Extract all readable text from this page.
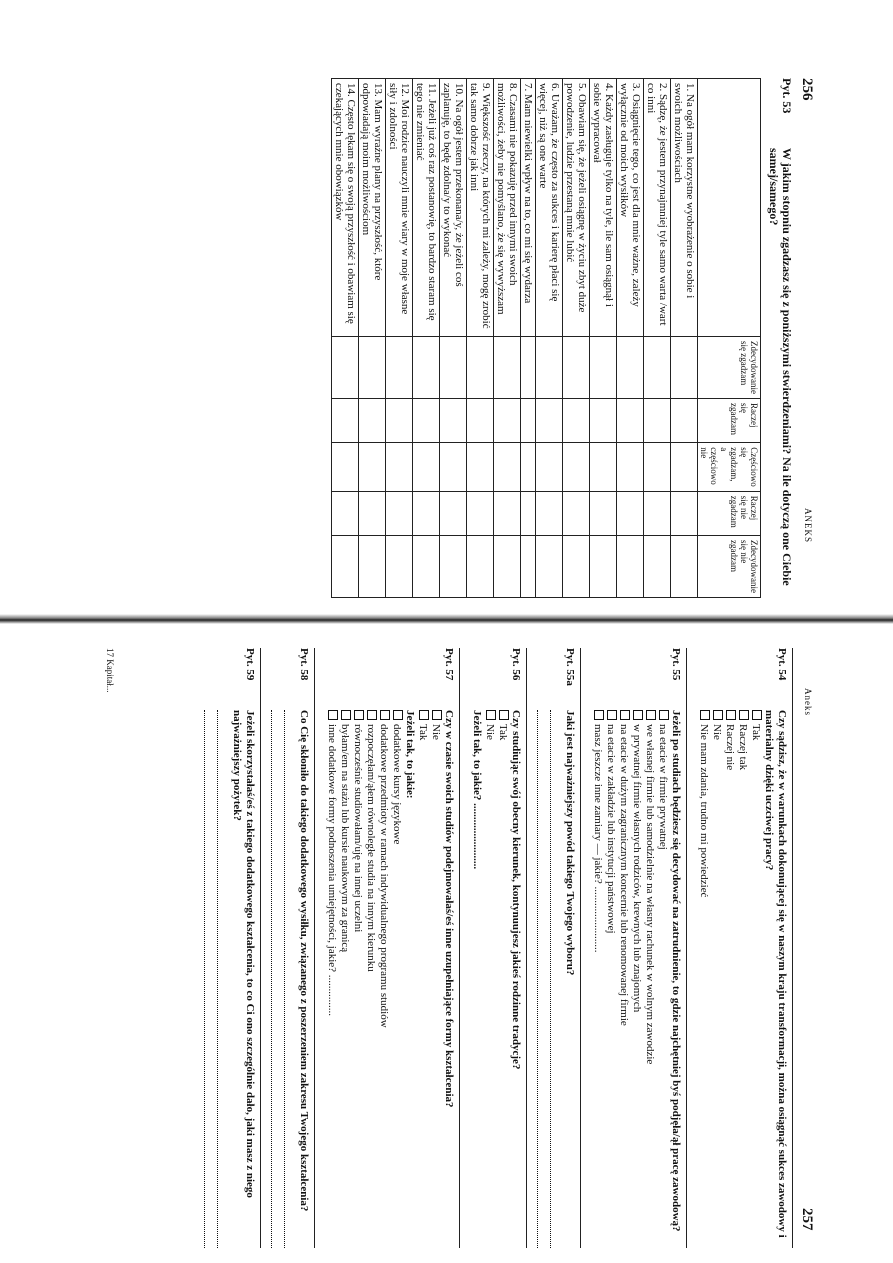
256
ANEKS
Pyt. 53
W jakim stopniu zgadzasz się z poniższymi stwierdzeniami? Na ile dotyczą one Ciebie samej/samego?
	Zdecydowanie się zgadzam	Raczej się zgadzam	Częściowo się zgadzam, a częściowo nie	Raczej się nie zgadzam	Zdecydowanie się nie zgadzam
1. Na ogół mam korzystne wyobrażenie o sobie i swoich możliwościach					
2. Sądzę, że jestem przynajmniej tyle samo warta /wart co inni					
3. Osiągnięcie tego, co jest dla mnie ważne, zależy wyłącznie od moich wysiłków					
4. Każdy zasługuje tylko na tyle, ile sam osiągnął i sobie wypracował					
5. Obawiam się, że jeżeli osiągnę w życiu zbyt duże powodzenie, ludzie przestaną mnie lubić					
6. Uważam, że często za sukces i karierę płaci się więcej, niż są one warte					
7. Mam niewielki wpływ na to, co mi się wydarza					
8. Czasami nie pokazuję przed innymi swoich możliwości, żeby nie pomyślano, że się wywyższam					
9. Większość rzeczy, na których mi zależy, mogę zrobić tak samo dobrze jak inni					
10. Na ogół jestem przekonana/y, że jeżeli coś zaplanuję, to będę zdolna/y to wykonać					
11. Jeżeli już coś raz postanowię, to bardzo staram się tego nie zmieniać					
12. Moi rodzice nauczyli mnie wiary w moje własne siły i zdolności					
13. Mam wyraźne plany na przyszłość, które odpowiadają moim możliwościom					
14. Często lękam się o swoją przyszłość i obawiam się czekających mnie obowiązków					
Aneks
257
Pyt. 54
Czy sądzisz, że w warunkach dokonującej się w naszym kraju transformacji, można osiągnąć sukces zawodowy i materialny dzięki uczciwej pracy?
Tak
Raczej tak
Raczej nie
Nie
Nie mam zdania, trudno mi powiedzieć
Pyt. 55
Jeżeli po studiach będziesz się decydować na zatrudnienie, to gdzie najchętniej byś podjęła/ął pracę zawodową?
na etacie w firmie prywatnej
we własnej firmie lub samodzielnie na własny rachunek w wolnym zawodzie
w prywatnej firmie własnych rodziców, krewnych lub znajomych
na etacie w dużym zagranicznym koncernie lub renomowanej firmie
na etacie w zakładzie lub instytucji państwowej
masz jeszcze inne zamiary — jakie? ........................
Pyt. 55a
Jaki jest najważniejszy powód takiego Twojego wyboru?
Pyt. 56
Czy studiując swój obecny kierunek, kontynuujesz jakieś rodzinne tradycje?
Tak
Nie
Jeżeli tak, to jakie? ........................
Pyt. 57
Czy w czasie swoich studiów podejmowałaś/eś inne uzupełniające formy kształcenia?
Nie
Tak
Jeżeli tak, to jakie:
dodatkowe kursy językowe
dodatkowe przedmioty w ramach indywidualnego programu studiów
rozpoczęłam/ąłem równoległe studia na innym kierunku
równocześnie studiowałam/uję na innej uczelni
byłam/em na stażu lub kursie naukowym za granicą
inne dodatkowe formy podnoszenia umiejętności, jakie? ...............
Pyt. 58
Co Cię skłoniło do takiego dodatkowego wysiłku, związanego z poszerzeniem zakresu Twojego kształcenia?
Pyt. 59
Jeżeli skorzystałaś/eś z takiego dodatkowego kształcenia, to co Ci ono szczególnie dało, jaki masz z niego najważniejszy pożytek?
17 Kapitał...
